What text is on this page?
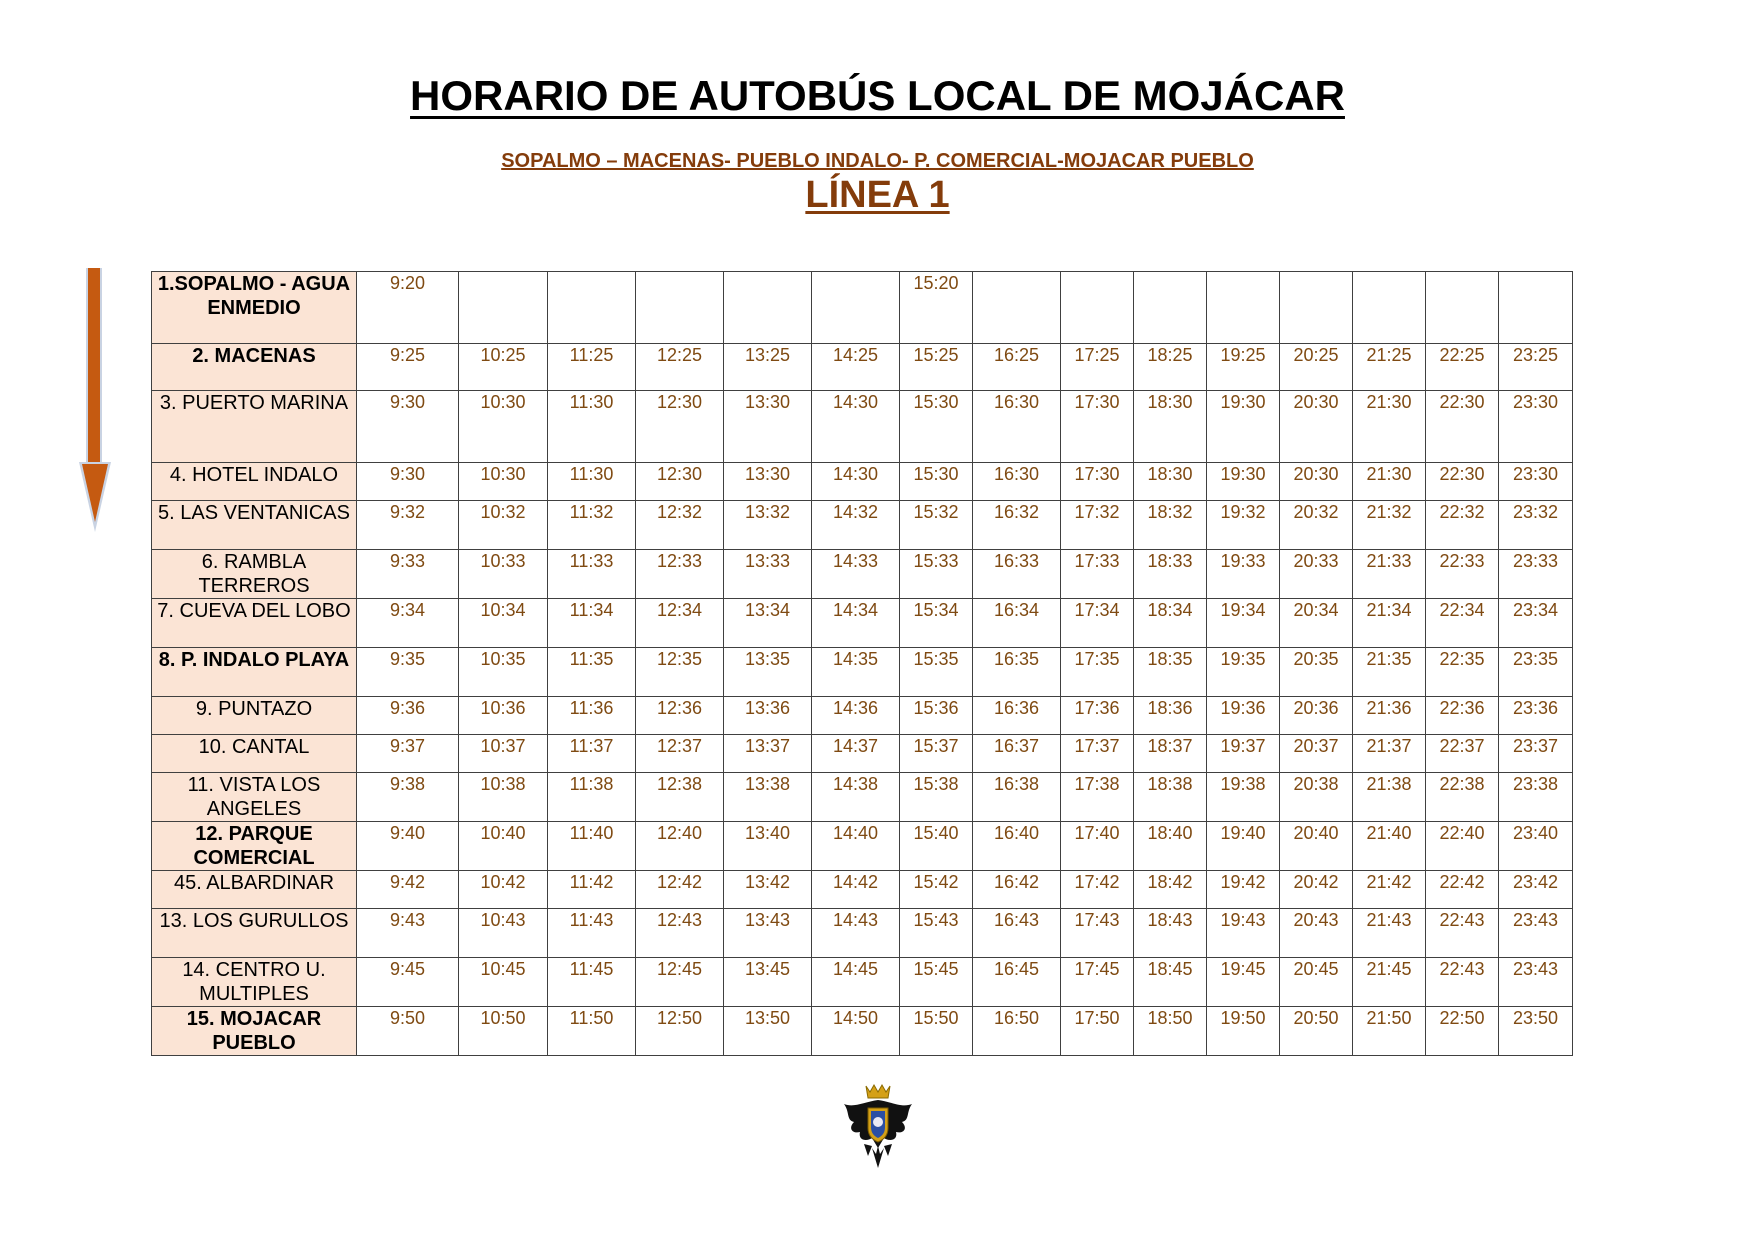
HORARIO DE AUTOBÚS LOCAL DE MOJÁCAR
SOPALMO – MACENAS- PUEBLO INDALO- P. COMERCIAL-MOJACAR PUEBLO
LÍNEA 1
1.SOPALMO - AGUA ENMEDIO	9:20						15:20								
2. MACENAS	9:25	10:25	11:25	12:25	13:25	14:25	15:25	16:25	17:25	18:25	19:25	20:25	21:25	22:25	23:25
3. PUERTO MARINA	9:30	10:30	11:30	12:30	13:30	14:30	15:30	16:30	17:30	18:30	19:30	20:30	21:30	22:30	23:30
4. HOTEL INDALO	9:30	10:30	11:30	12:30	13:30	14:30	15:30	16:30	17:30	18:30	19:30	20:30	21:30	22:30	23:30
5. LAS VENTANICAS	9:32	10:32	11:32	12:32	13:32	14:32	15:32	16:32	17:32	18:32	19:32	20:32	21:32	22:32	23:32
6. RAMBLA TERREROS	9:33	10:33	11:33	12:33	13:33	14:33	15:33	16:33	17:33	18:33	19:33	20:33	21:33	22:33	23:33
7. CUEVA DEL LOBO	9:34	10:34	11:34	12:34	13:34	14:34	15:34	16:34	17:34	18:34	19:34	20:34	21:34	22:34	23:34
8. P. INDALO PLAYA	9:35	10:35	11:35	12:35	13:35	14:35	15:35	16:35	17:35	18:35	19:35	20:35	21:35	22:35	23:35
9. PUNTAZO	9:36	10:36	11:36	12:36	13:36	14:36	15:36	16:36	17:36	18:36	19:36	20:36	21:36	22:36	23:36
10. CANTAL	9:37	10:37	11:37	12:37	13:37	14:37	15:37	16:37	17:37	18:37	19:37	20:37	21:37	22:37	23:37
11. VISTA LOS ANGELES	9:38	10:38	11:38	12:38	13:38	14:38	15:38	16:38	17:38	18:38	19:38	20:38	21:38	22:38	23:38
12. PARQUE COMERCIAL	9:40	10:40	11:40	12:40	13:40	14:40	15:40	16:40	17:40	18:40	19:40	20:40	21:40	22:40	23:40
45. ALBARDINAR	9:42	10:42	11:42	12:42	13:42	14:42	15:42	16:42	17:42	18:42	19:42	20:42	21:42	22:42	23:42
13. LOS GURULLOS	9:43	10:43	11:43	12:43	13:43	14:43	15:43	16:43	17:43	18:43	19:43	20:43	21:43	22:43	23:43
14. CENTRO U. MULTIPLES	9:45	10:45	11:45	12:45	13:45	14:45	15:45	16:45	17:45	18:45	19:45	20:45	21:45	22:43	23:43
15. MOJACAR PUEBLO	9:50	10:50	11:50	12:50	13:50	14:50	15:50	16:50	17:50	18:50	19:50	20:50	21:50	22:50	23:50
